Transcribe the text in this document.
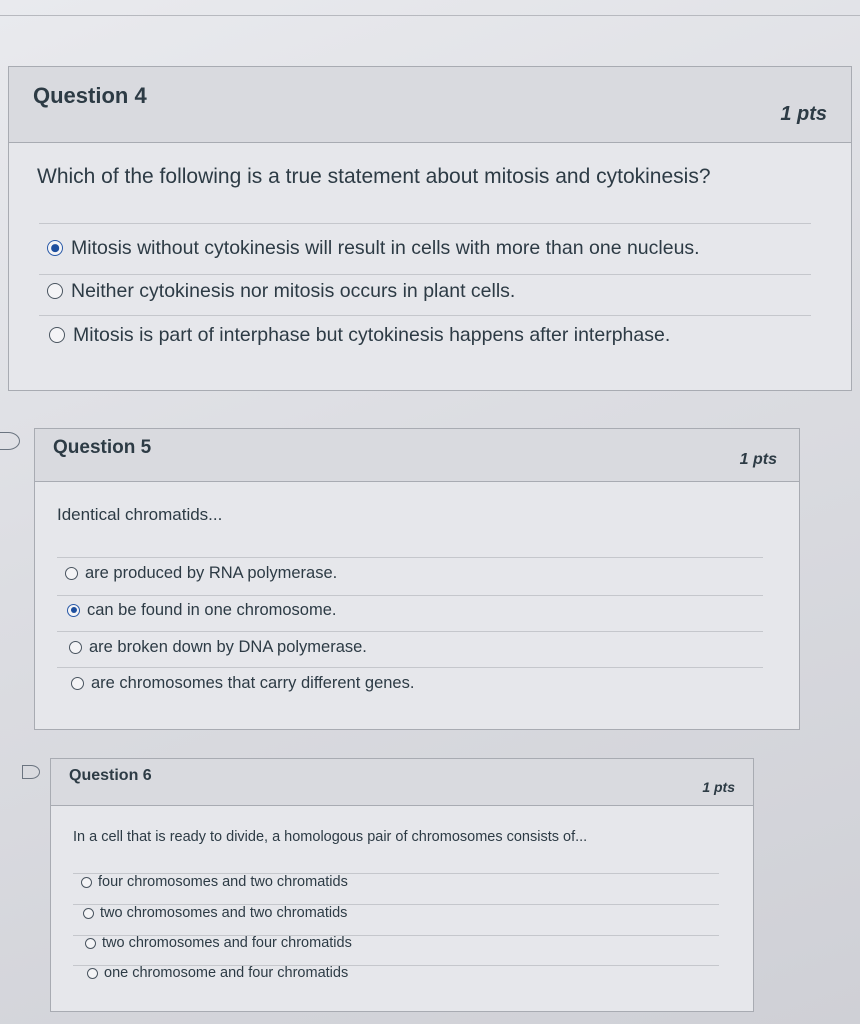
Question 4
1 pts
Which of the following is a true statement about mitosis and cytokinesis?
Mitosis without cytokinesis will result in cells with more than one nucleus.
Neither cytokinesis nor mitosis occurs in plant cells.
Mitosis is part of interphase but cytokinesis happens after interphase.
Question 5
1 pts
Identical chromatids...
are produced by RNA polymerase.
can be found in one chromosome.
are broken down by DNA polymerase.
are chromosomes that carry different genes.
Question 6
1 pts
In a cell that is ready to divide, a homologous pair of chromosomes consists of...
four chromosomes and two chromatids
two chromosomes and two chromatids
two chromosomes and four chromatids
one chromosome and four chromatids
